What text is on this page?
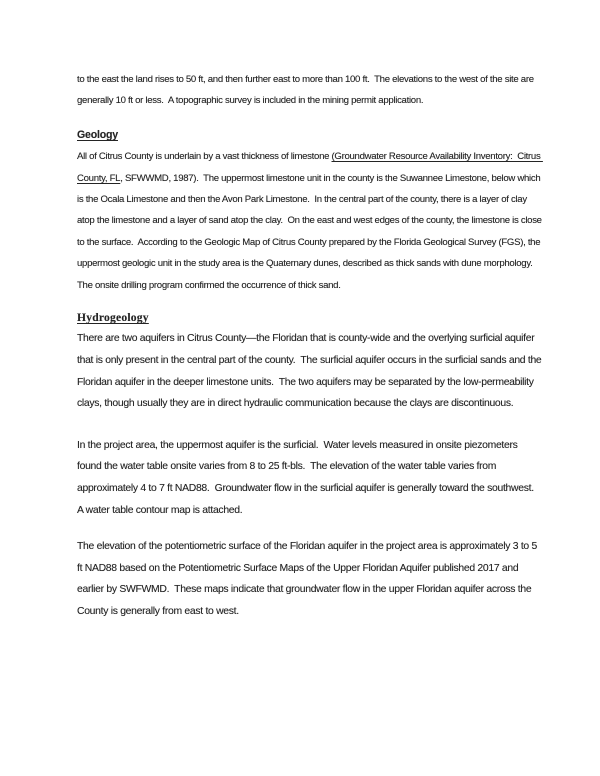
to the east the land rises to 50 ft, and then further east to more than 100 ft.  The elevations to the west of the site are generally 10 ft or less.  A topographic survey is included in the mining permit application.

Geology

All of Citrus County is underlain by a vast thickness of limestone (Groundwater Resource Availability Inventory:  Citrus County, FL, SFWWMD, 1987).  The uppermost limestone unit in the county is the Suwannee Limestone, below which is the Ocala Limestone and then the Avon Park Limestone.  In the central part of the county, there is a layer of clay atop the limestone and a layer of sand atop the clay.  On the east and west edges of the county, the limestone is close to the surface.  According to the Geologic Map of Citrus County prepared by the Florida Geological Survey (FGS), the uppermost geologic unit in the study area is the Quaternary dunes, described as thick sands with dune morphology.  The onsite drilling program confirmed the occurrence of thick sand.

Hydrogeology

There are two aquifers in Citrus County—the Floridan that is county-wide and the overlying surficial aquifer that is only present in the central part of the county.  The surficial aquifer occurs in the surficial sands and the Floridan aquifer in the deeper limestone units.  The two aquifers may be separated by the low-permeability clays, though usually they are in direct hydraulic communication because the clays are discontinuous.

In the project area, the uppermost aquifer is the surficial.  Water levels measured in onsite piezometers found the water table onsite varies from 8 to 25 ft-bls.  The elevation of the water table varies from approximately 4 to 7 ft NAD88.  Groundwater flow in the surficial aquifer is generally toward the southwest.  A water table contour map is attached.

The elevation of the potentiometric surface of the Floridan aquifer in the project area is approximately 3 to 5 ft NAD88 based on the Potentiometric Surface Maps of the Upper Floridan Aquifer published 2017 and earlier by SWFWMD.  These maps indicate that groundwater flow in the upper Floridan aquifer across the County is generally from east to west.
